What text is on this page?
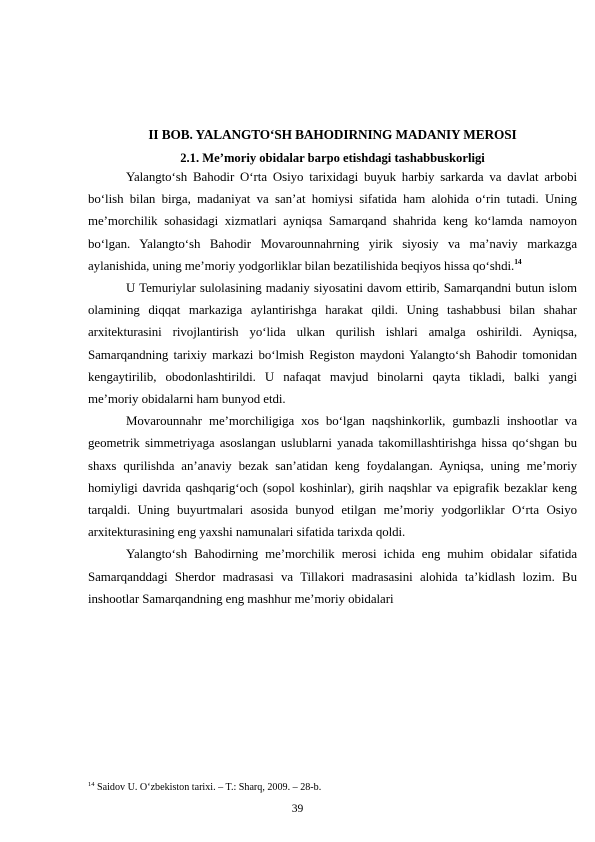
II BOB. YALANGTO‘SH BAHODIRNING MADANIY MEROSI
2.1. Me’moriy obidalar barpo etishdagi tashabbuskorligi

Yalangto‘sh Bahodir O‘rta Osiyo tarixidagi buyuk harbiy sarkarda va davlat arbobi bo‘lish bilan birga, madaniyat va san’at homiysi sifatida ham alohida o‘rin tutadi. Uning me’morchilik sohasidagi xizmatlari ayniqsa Samarqand shahrida keng ko‘lamda namoyon bo‘lgan. Yalangto‘sh Bahodir Movarounnahrning yirik siyosiy va ma’naviy markazga aylanishida, uning me’moriy yodgorliklar bilan bezatilishida beqiyos hissa qo‘shdi.$^{14}$

U Temuriylar sulolasining madaniy siyosatini davom ettirib, Samarqandni butun islom olamining diqqat markaziga aylantirishga harakat qildi. Uning tashabbusi bilan shahar arxitekturasini rivojlantirish yo‘lida ulkan qurilish ishlari amalga oshirildi. Ayniqsa, Samarqandning tarixiy markazi bo‘lmish Registon maydoni Yalangto‘sh Bahodir tomonidan kengaytirilib, obodonlashtirildi. U nafaqat mavjud binolarni qayta tikladi, balki yangi me’moriy obidalarni ham bunyod etdi.

Movarounnahr me’morchiligiga xos bo‘lgan naqshinkorlik, gumbazli inshootlar va geometrik simmetriyaga asoslangan uslublarni yanada takomillashtirishga hissa qo‘shgan bu shaxs qurilishda an’anaviy bezak san’atidan keng foydalangan. Ayniqsa, uning me’moriy homiyligi davrida qashqarig‘och (sopol koshinlar), girih naqshlar va epigrafik bezaklar keng tarqaldi. Uning buyurtmalari asosida bunyod etilgan me’moriy yodgorliklar O‘rta Osiyo arxitekturasining eng yaxshi namunalari sifatida tarixda qoldi.

Yalangto‘sh Bahodirning me’morchilik merosi ichida eng muhim obidalar sifatida Samarqanddagi Sherdor madrasasi va Tillakori madrasasini alohida ta’kidlash lozim. Bu inshootlar Samarqandning eng mashhur me’moriy obidalari

$^{14}$ Saidov U. O‘zbekiston tarixi. – T.: Sharq, 2009. – 28-b.

39
